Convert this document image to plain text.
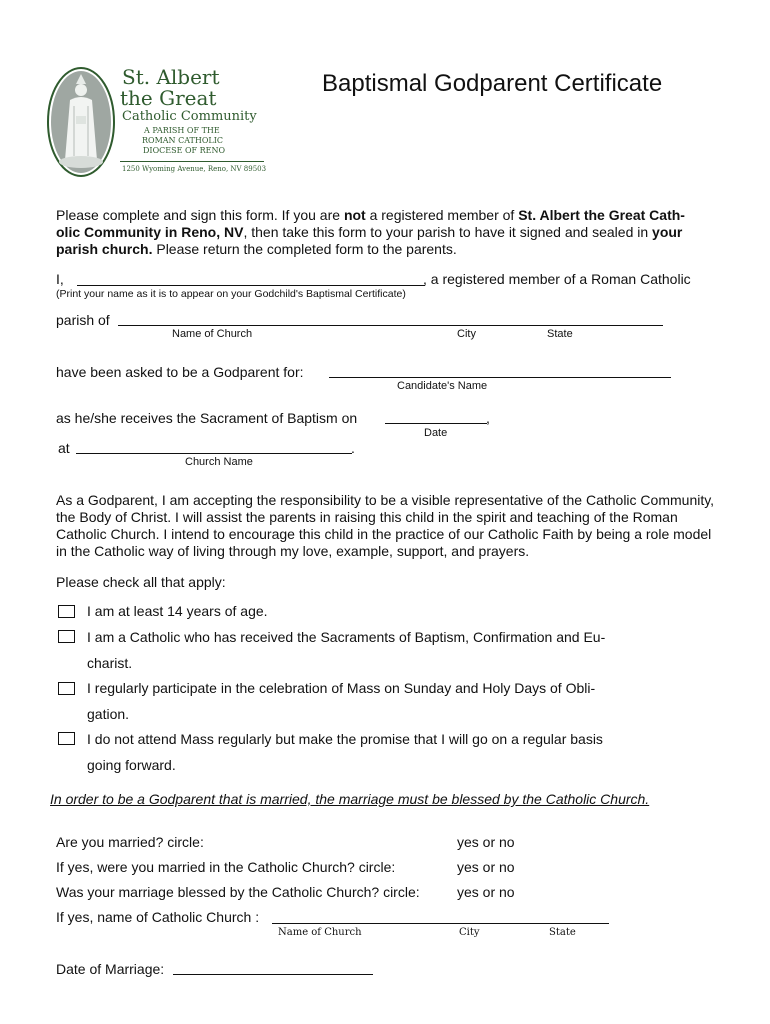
St. Albert
the Great
Catholic Community
A PARISH OF THE
ROMAN CATHOLIC
DIOCESE OF RENO
1250 Wyoming Avenue, Reno, NV 89503
Baptismal Godparent Certificate
Please complete and sign this form. If you are not a registered member of St. Albert the Great Cath-
olic Community in Reno, NV, then take this form to your parish to have it signed and sealed in your
parish church. Please return the completed form to the parents.
I,	, a registered member of a Roman Catholic
(Print your name as it is to appear on your Godchild's Baptismal Certificate)
parish of
Name of Church	City	State
have been asked to be a Godparent for:
Candidate's Name
as he/she receives the Sacrament of Baptism on	,
Date
at	.
Church Name
As a Godparent, I am accepting the responsibility to be a visible representative of the Catholic Community, the Body of Christ. I will assist the parents in raising this child in the spirit and teaching of the Roman Catholic Church. I intend to encourage this child in the practice of our Catholic Faith by being a role model in the Catholic way of living through my love, example, support, and prayers.
Please check all that apply:
I am at least 14 years of age.
I am a Catholic who has received the Sacraments of Baptism, Confirmation and Eu-
charist.
I regularly participate in the celebration of Mass on Sunday and Holy Days of Obli-
gation.
I do not attend Mass regularly but make the promise that I will go on a regular basis
going forward.
In order to be a Godparent that is married, the marriage must be blessed by the Catholic Church.
Are you married? circle:	yes or no
If yes, were you married in the Catholic Church? circle:	yes or no
Was your marriage blessed by the Catholic Church? circle:	yes or no
If yes, name of Catholic Church :
Name of Church	City	State
Date of Marriage:
